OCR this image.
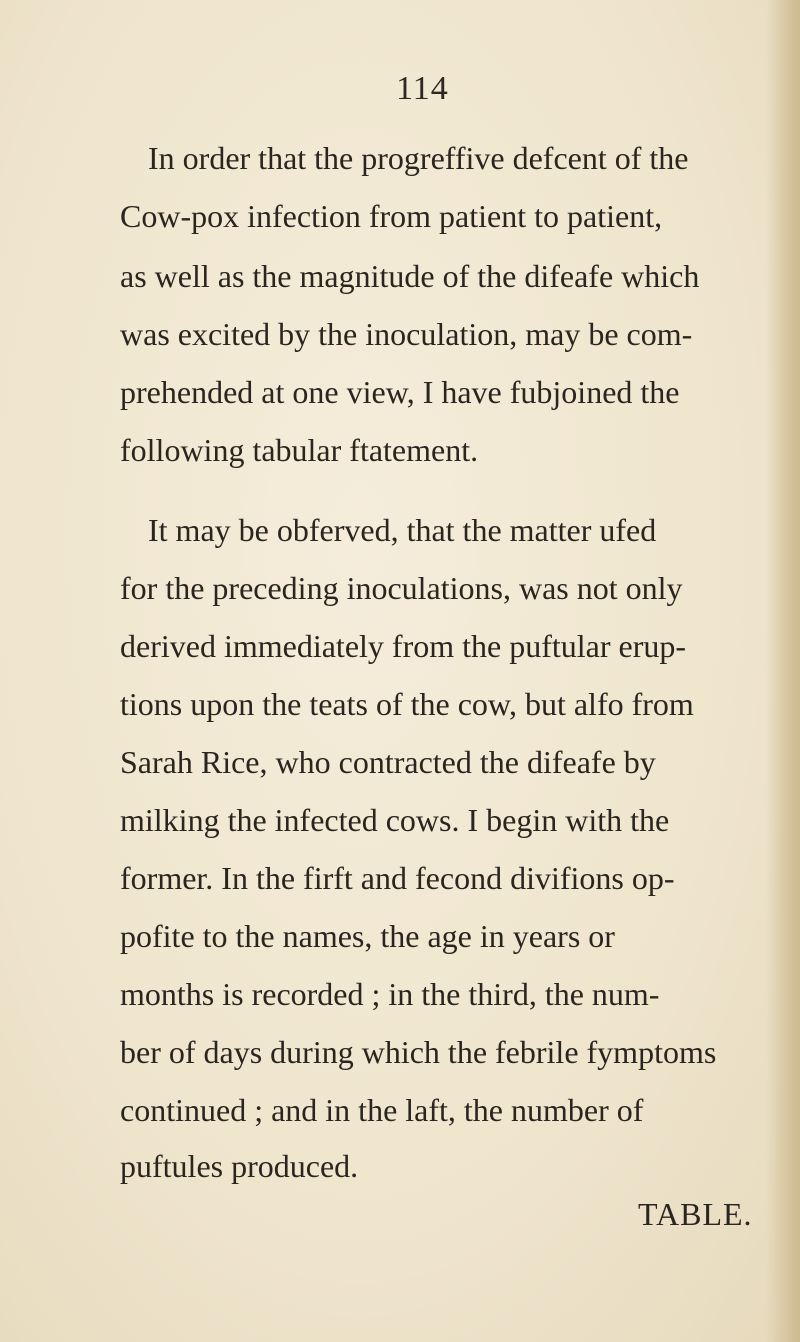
114

In order that the progreffive defcent of the

Cow-pox infection from patient to patient,

as well as the magnitude of the difeafe which

was excited by the inoculation, may be com-

prehended at one view, I have fubjoined the

following tabular ftatement.

It may be obferved, that the matter ufed

for the preceding inoculations, was not only

derived immediately from the puftular erup-

tions upon the teats of the cow, but alfo from

Sarah Rice, who contracted the difeafe by

milking the infected cows. I begin with the

former. In the firft and fecond divifions op-

pofite to the names, the age in years or

months is recorded ; in the third, the num-

ber of days during which the febrile fymptoms

continued ; and in the laft, the number of

puftules produced.

TABLE.
